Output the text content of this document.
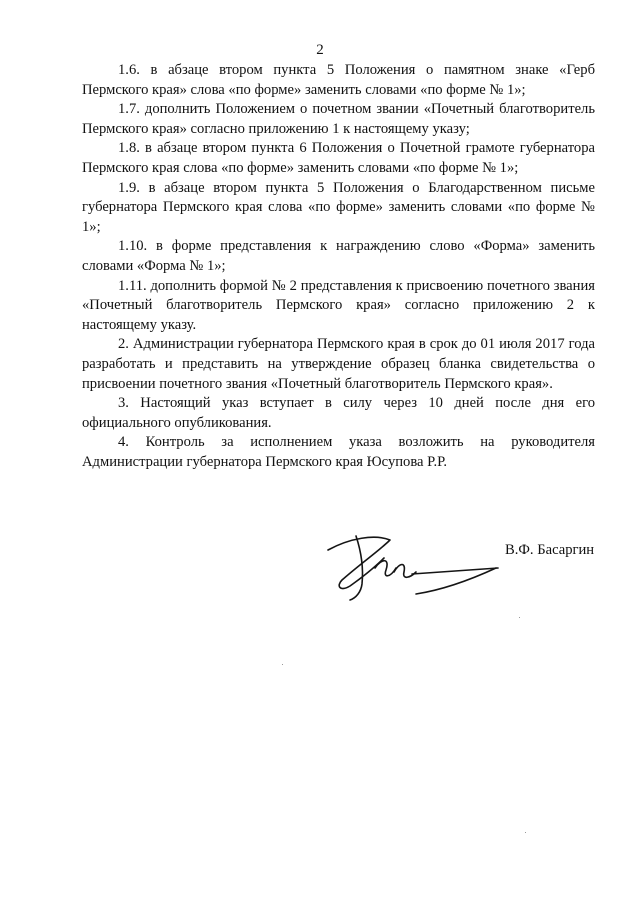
2

1.6. в абзаце втором пункта 5 Положения о памятном знаке «Герб Пермского края» слова «по форме» заменить словами «по форме № 1»;

1.7. дополнить Положением о почетном звании «Почетный благотворитель Пермского края» согласно приложению 1 к настоящему указу;

1.8. в абзаце втором пункта 6 Положения о Почетной грамоте губернатора Пермского края слова «по форме» заменить словами «по форме № 1»;

1.9. в абзаце втором пункта 5 Положения о Благодарственном письме губернатора Пермского края слова «по форме» заменить словами «по форме № 1»;

1.10. в форме представления к награждению слово «Форма» заменить словами «Форма № 1»;

1.11. дополнить формой № 2 представления к присвоению почетного звания «Почетный благотворитель Пермского края» согласно приложению 2 к настоящему указу.

2. Администрации губернатора Пермского края в срок до 01 июля 2017 года разработать и представить на утверждение образец бланка свидетельства о присвоении почетного звания «Почетный благотворитель Пермского края».

3. Настоящий указ вступает в силу через 10 дней после дня его официального опубликования.

4. Контроль за исполнением указа возложить на руководителя Администрации губернатора Пермского края Юсупова Р.Р.

В.Ф. Басаргин
